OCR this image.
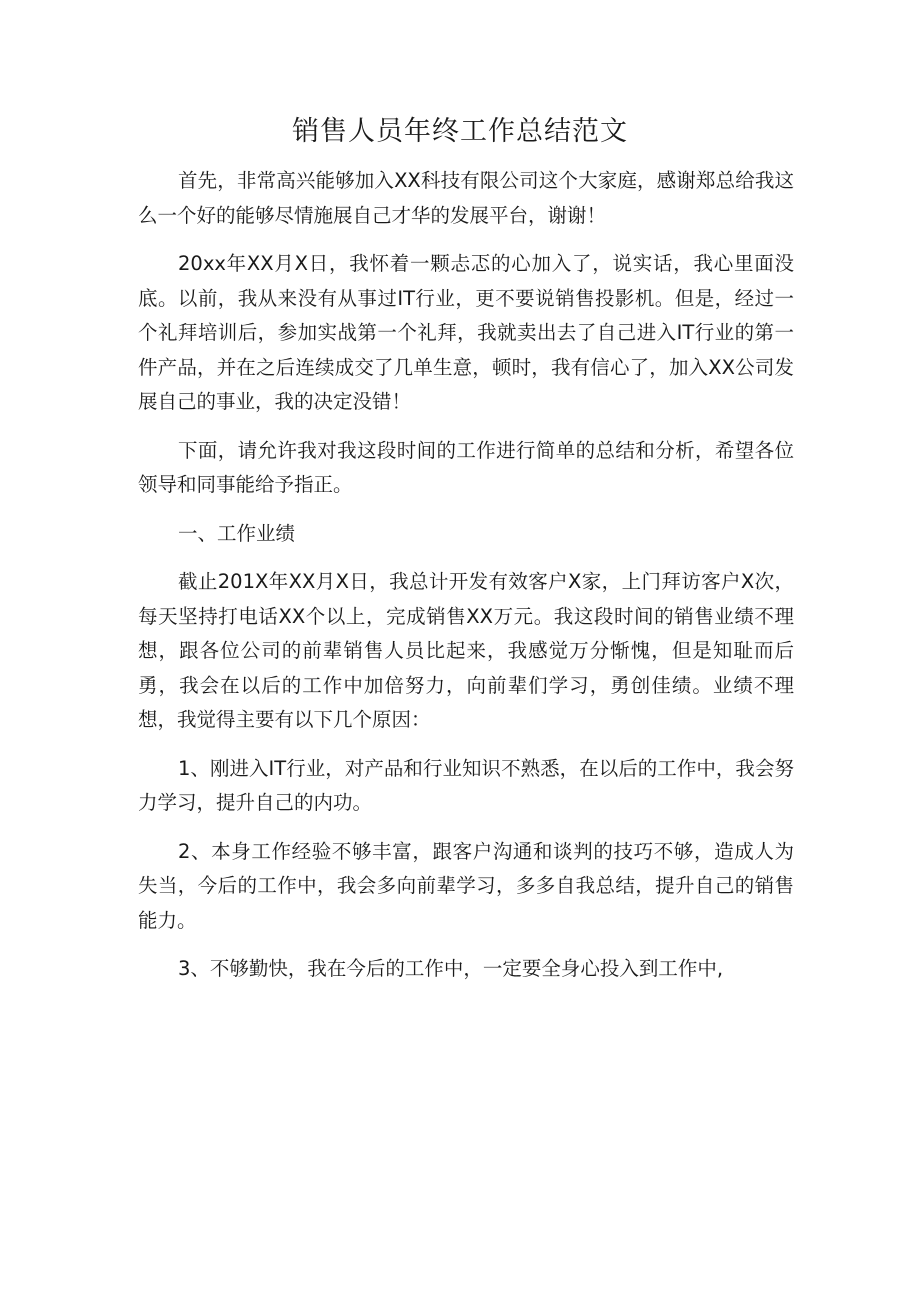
销售人员年终工作总结范文

首先，非常高兴能够加入XX科技有限公司这个大家庭，感谢郑总给我这么一个好的能够尽情施展自己才华的发展平台，谢谢！

20xx年XX月X日，我怀着一颗忐忑的心加入了，说实话，我心里面没底。以前，我从来没有从事过IT行业，更不要说销售投影机。但是，经过一个礼拜培训后，参加实战第一个礼拜，我就卖出去了自己进入IT行业的第一件产品，并在之后连续成交了几单生意，顿时，我有信心了，加入XX公司发展自己的事业，我的决定没错！

下面，请允许我对我这段时间的工作进行简单的总结和分析，希望各位领导和同事能给予指正。

一、工作业绩

截止201X年XX月X日，我总计开发有效客户X家，上门拜访客户X次，每天坚持打电话XX个以上，完成销售XX万元。我这段时间的销售业绩不理想，跟各位公司的前辈销售人员比起来，我感觉万分惭愧，但是知耻而后勇，我会在以后的工作中加倍努力，向前辈们学习，勇创佳绩。业绩不理想，我觉得主要有以下几个原因：

1、刚进入IT行业，对产品和行业知识不熟悉，在以后的工作中，我会努力学习，提升自己的内功。

2、本身工作经验不够丰富，跟客户沟通和谈判的技巧不够，造成人为失当，今后的工作中，我会多向前辈学习，多多自我总结，提升自己的销售能力。

3、不够勤快，我在今后的工作中，一定要全身心投入到工作中,
